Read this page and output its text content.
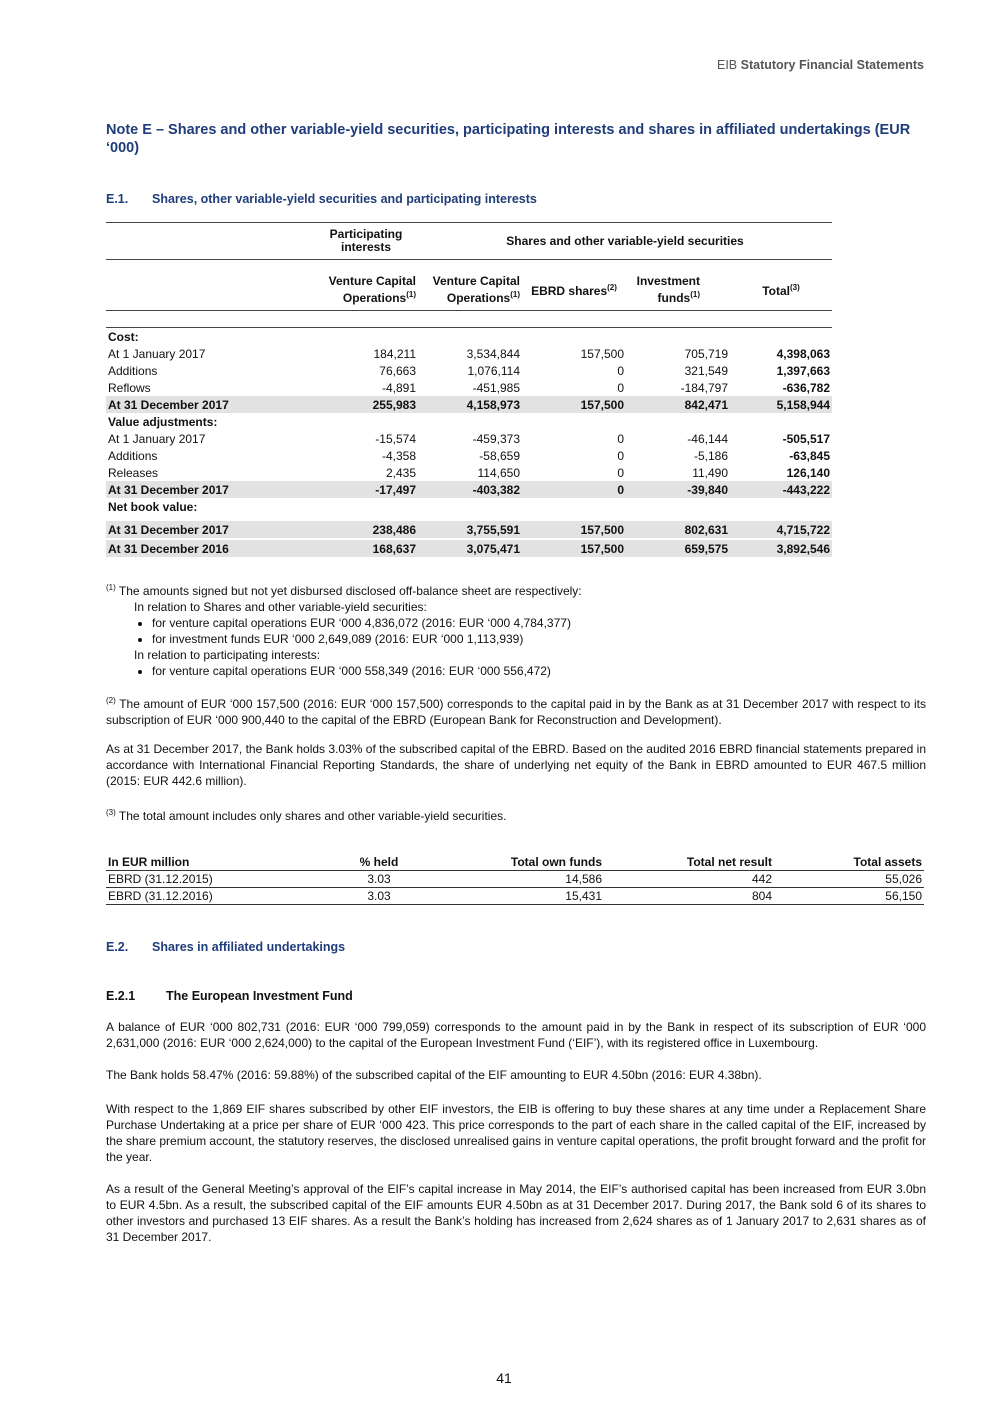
EIB Statutory Financial Statements
Note E – Shares and other variable-yield securities, participating interests and shares in affiliated undertakings (EUR ‘000)
E.1. Shares, other variable-yield securities and participating interests
	Participating interests	Shares and other variable-yield securities			

	Venture Capital Operations$^{(1)}$	Venture Capital Operations$^{(1)}$	EBRD shares$^{(2)}$	Investment funds$^{(1)}$	Total$^{(3)}$

Cost:					
At 1 January 2017	184,211	3,534,844	157,500	705,719	4,398,063
Additions	76,663	1,076,114	0	321,549	1,397,663
Reflows	-4,891	-451,985	0	-184,797	-636,782
At 31 December 2017	255,983	4,158,973	157,500	842,471	5,158,944
Value adjustments:					
At 1 January 2017	-15,574	-459,373	0	-46,144	-505,517
Additions	-4,358	-58,659	0	-5,186	-63,845
Releases	2,435	114,650	0	11,490	126,140
At 31 December 2017	-17,497	-403,382	0	-39,840	-443,222
Net book value:					

At 31 December 2017	238,486	3,755,591	157,500	802,631	4,715,722

At 31 December 2016	168,637	3,075,471	157,500	659,575	3,892,546
$^{(1)}$ The amounts signed but not yet disbursed disclosed off-balance sheet are respectively:
In relation to Shares and other variable-yield securities:
• for venture capital operations EUR ‘000 4,836,072 (2016: EUR ‘000 4,784,377)
• for investment funds EUR ‘000 2,649,089 (2016: EUR ‘000 1,113,939)
In relation to participating interests:
• for venture capital operations EUR ‘000 558,349 (2016: EUR ‘000 556,472)
$^{(2)}$ The amount of EUR ‘000 157,500 (2016: EUR ‘000 157,500) corresponds to the capital paid in by the Bank as at 31 December 2017 with respect to its subscription of EUR ‘000 900,440 to the capital of the EBRD (European Bank for Reconstruction and Development).
As at 31 December 2017, the Bank holds 3.03% of the subscribed capital of the EBRD. Based on the audited 2016 EBRD financial statements prepared in accordance with International Financial Reporting Standards, the share of underlying net equity of the Bank in EBRD amounted to EUR 467.5 million (2015: EUR 442.6 million).
$^{(3)}$ The total amount includes only shares and other variable-yield securities.
In EUR million	% held	Total own funds	Total net result	Total assets
EBRD (31.12.2015)	3.03	14,586	442	55,026
EBRD (31.12.2016)	3.03	15,431	804	56,150
E.2. Shares in affiliated undertakings
E.2.1 The European Investment Fund
A balance of EUR ‘000 802,731 (2016: EUR ‘000 799,059) corresponds to the amount paid in by the Bank in respect of its subscription of EUR ‘000 2,631,000 (2016: EUR ‘000 2,624,000) to the capital of the European Investment Fund (‘EIF’), with its registered office in Luxembourg.
The Bank holds 58.47% (2016: 59.88%) of the subscribed capital of the EIF amounting to EUR 4.50bn (2016: EUR 4.38bn).
With respect to the 1,869 EIF shares subscribed by other EIF investors, the EIB is offering to buy these shares at any time under a Replacement Share Purchase Undertaking at a price per share of EUR ‘000 423. This price corresponds to the part of each share in the called capital of the EIF, increased by the share premium account, the statutory reserves, the disclosed unrealised gains in venture capital operations, the profit brought forward and the profit for the year.
As a result of the General Meeting’s approval of the EIF’s capital increase in May 2014, the EIF’s authorised capital has been increased from EUR 3.0bn to EUR 4.5bn. As a result, the subscribed capital of the EIF amounts EUR 4.50bn as at 31 December 2017. During 2017, the Bank sold 6 of its shares to other investors and purchased 13 EIF shares. As a result the Bank’s holding has increased from 2,624 shares as of 1 January 2017 to 2,631 shares as of 31 December 2017.
41
